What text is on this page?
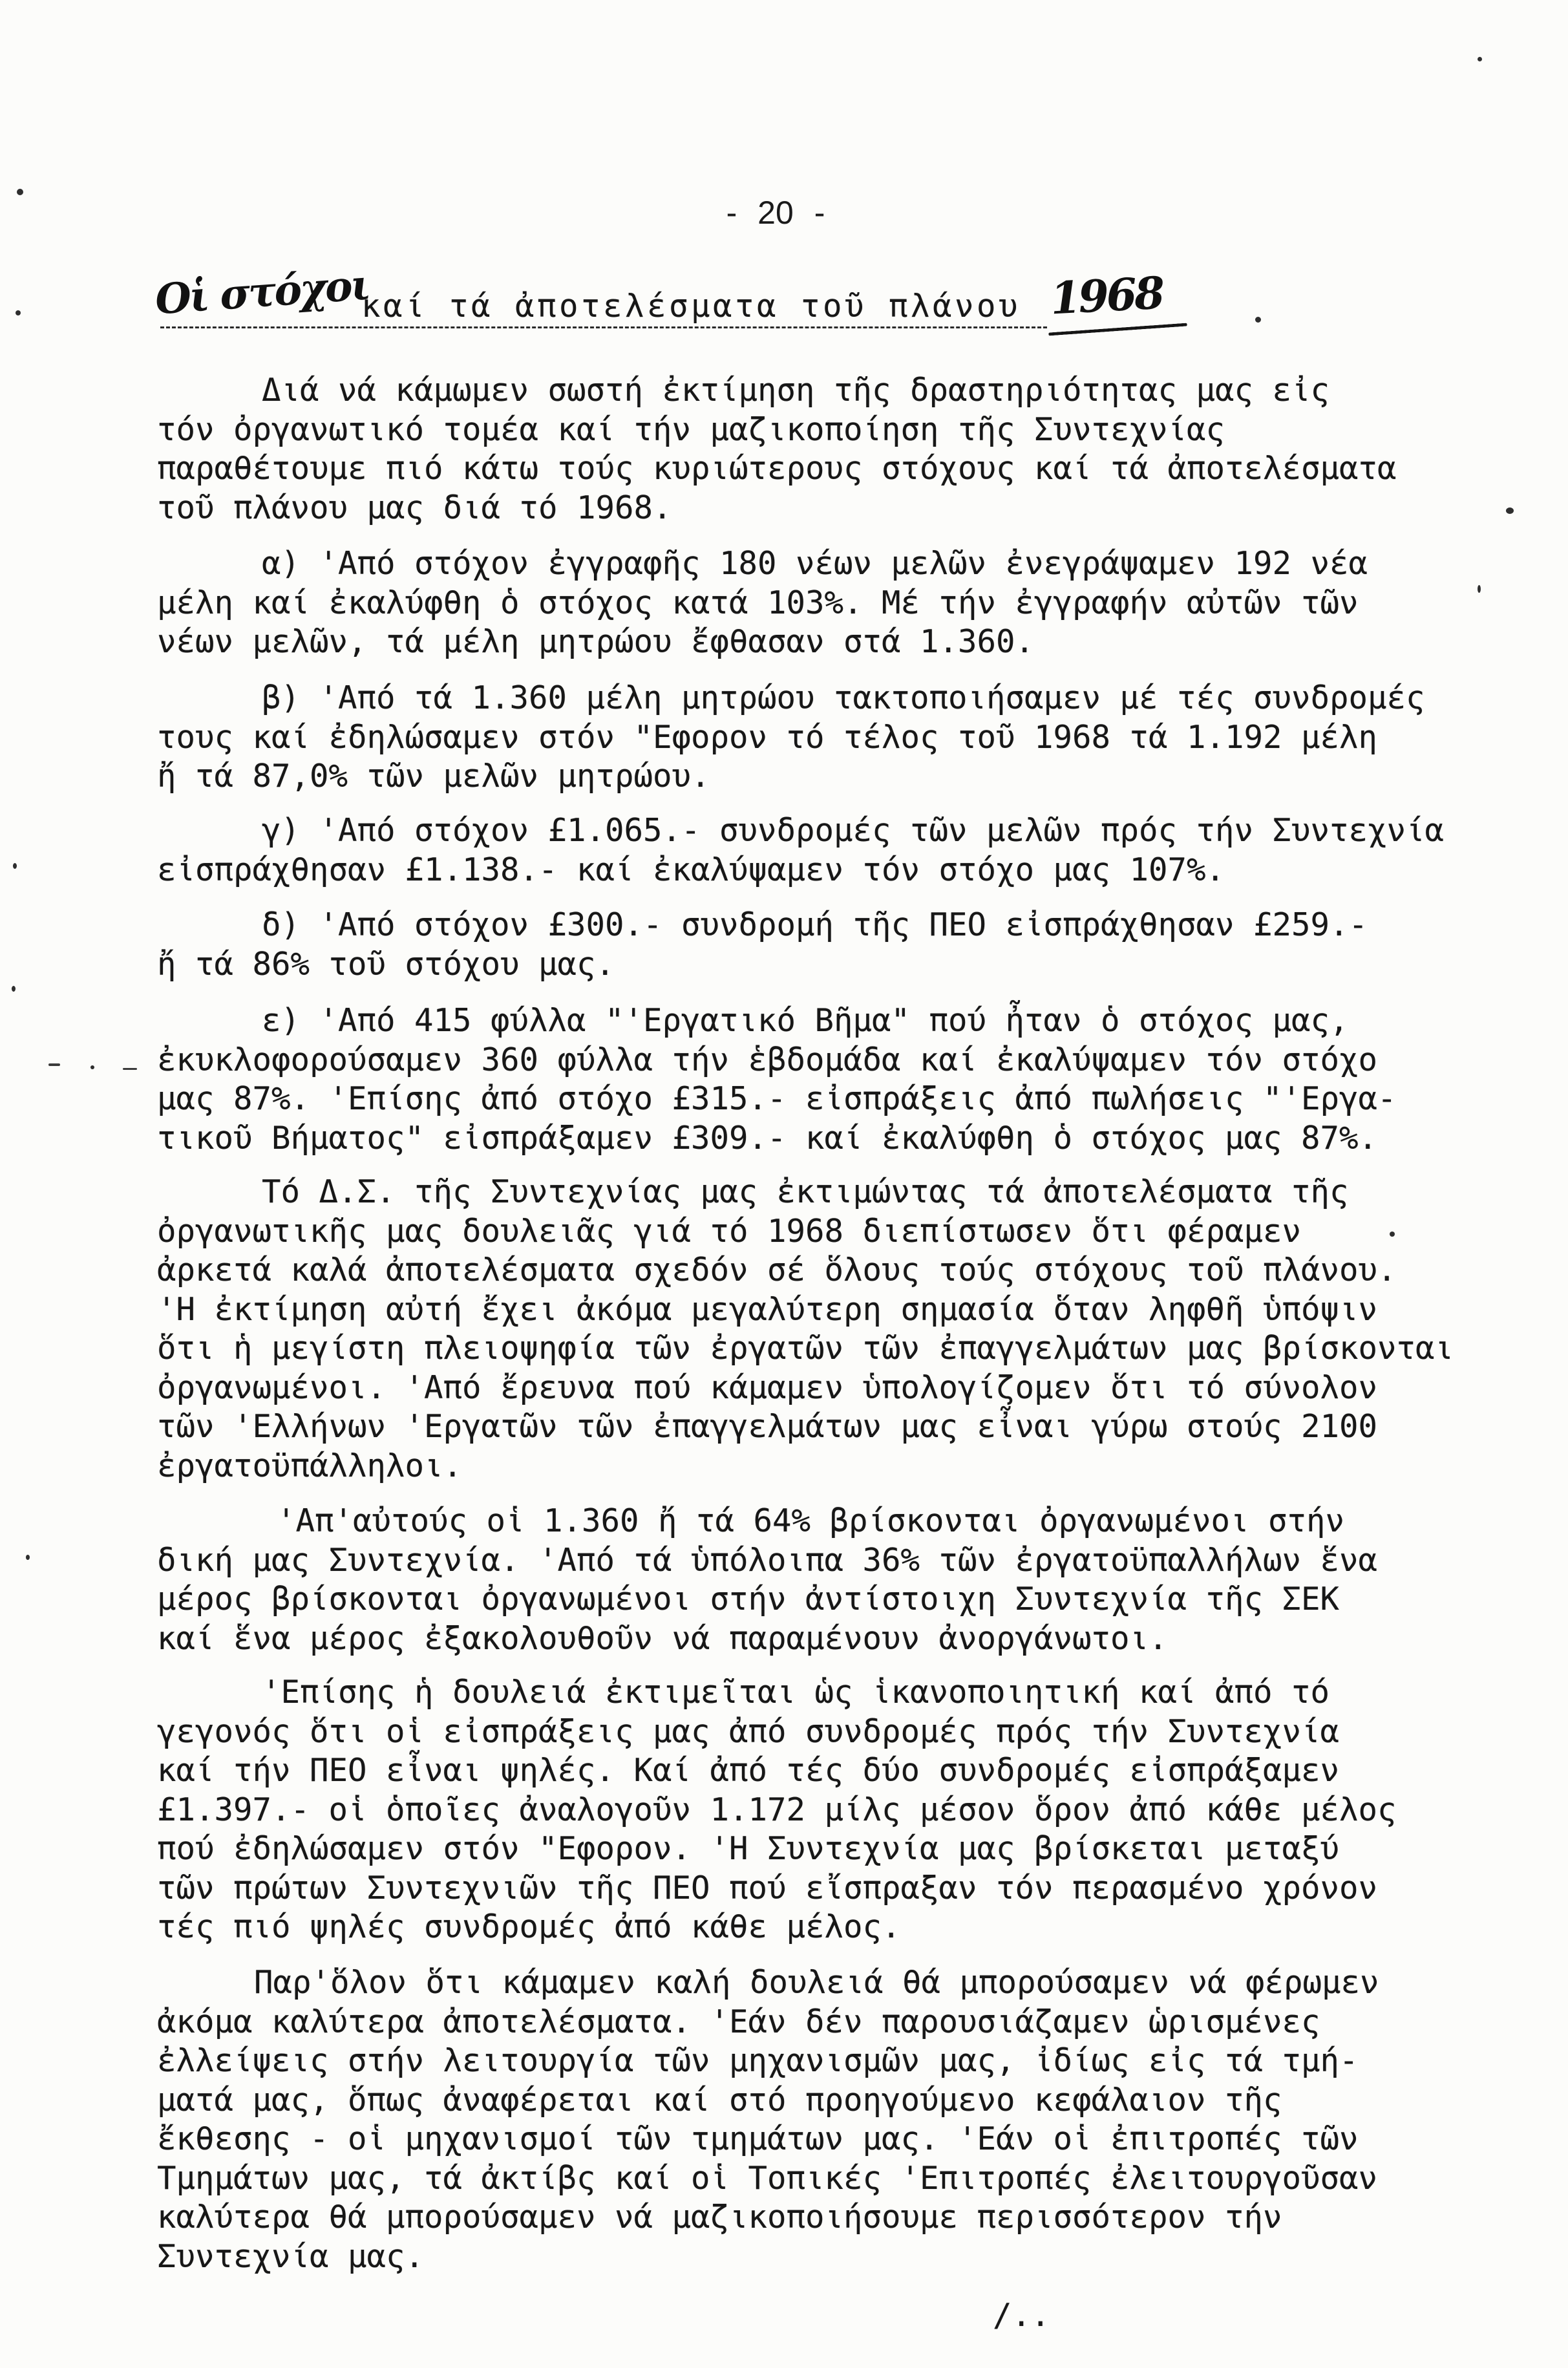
- 20 -
Οἱ στόχοι
καί τά ἀποτελέσματα τοῦ πλάνου 1968
Διά νά κάμωμεν σωστή ἐκτίμηση τῆς δραστηριότητας μας εἰς
τόν ὀργανωτικό τομέα καί τήν μαζικοποίηση τῆς Συντεχνίας
παραθέτουμε πιό κάτω τούς κυριώτερους στόχους καί τά ἀποτελέσματα
τοῦ πλάνου μας διά τό 1968.
α) 'Από στόχον ἐγγραφῆς 180 νέων μελῶν ἐνεγράψαμεν 192 νέα
μέλη καί ἐκαλύφθη ὁ στόχος κατά 103%. Μέ τήν ἐγγραφήν αὐτῶν τῶν
νέων μελῶν, τά μέλη μητρώου ἔφθασαν στά 1.360.
β) 'Από τά 1.360 μέλη μητρώου τακτοποιήσαμεν μέ τές συνδρομές
τους καί ἐδηλώσαμεν στόν "Εφορον τό τέλος τοῦ 1968 τά 1.192 μέλη
ἤ τά 87,0% τῶν μελῶν μητρώου.
γ) 'Από στόχον £1.065.- συνδρομές τῶν μελῶν πρός τήν Συντεχνία
εἰσπράχθησαν £1.138.- καί ἐκαλύψαμεν τόν στόχο μας 107%.
δ) 'Από στόχον £300.- συνδρομή τῆς ΠΕΟ εἰσπράχθησαν £259.-
ἤ τά 86% τοῦ στόχου μας.
ε) 'Από 415 φύλλα "'Εργατικό Βῆμα" πού ἦταν ὁ στόχος μας,
ἐκυκλοφορούσαμεν 360 φύλλα τήν ἑβδομάδα καί ἐκαλύψαμεν τόν στόχο
μας 87%. 'Επίσης ἀπό στόχο £315.- εἰσπράξεις ἀπό πωλήσεις "'Εργα-
τικοῦ Βήματος" εἰσπράξαμεν £309.- καί ἐκαλύφθη ὁ στόχος μας 87%.
Τό Δ.Σ. τῆς Συντεχνίας μας ἐκτιμώντας τά ἀποτελέσματα τῆς
ὀργανωτικῆς μας δουλειᾶς γιά τό 1968 διεπίστωσεν ὅτι φέραμεν
ἀρκετά καλά ἀποτελέσματα σχεδόν σέ ὅλους τούς στόχους τοῦ πλάνου.
'Η ἐκτίμηση αὐτή ἔχει ἀκόμα μεγαλύτερη σημασία ὅταν ληφθῆ ὑπόψιν
ὅτι ἡ μεγίστη πλειοψηφία τῶν ἐργατῶν τῶν ἐπαγγελμάτων μας βρίσκονται
ὀργανωμένοι. 'Από ἔρευνα πού κάμαμεν ὑπολογίζομεν ὅτι τό σύνολον
τῶν 'Ελλήνων 'Εργατῶν τῶν ἐπαγγελμάτων μας εἶναι γύρω στούς 2100
ἐργατοϋπάλληλοι.
'Απ'αὐτούς οἱ 1.360 ἤ τά 64% βρίσκονται ὀργανωμένοι στήν
δική μας Συντεχνία. 'Από τά ὑπόλοιπα 36% τῶν ἐργατοϋπαλλήλων ἕνα
μέρος βρίσκονται ὀργανωμένοι στήν ἀντίστοιχη Συντεχνία τῆς ΣΕΚ
καί ἕνα μέρος ἐξακολουθοῦν νά παραμένουν ἀνοργάνωτοι.
'Επίσης ἡ δουλειά ἐκτιμεῖται ὡς ἱκανοποιητική καί ἀπό τό
γεγονός ὅτι οἱ εἰσπράξεις μας ἀπό συνδρομές πρός τήν Συντεχνία
καί τήν ΠΕΟ εἶναι ψηλές. Καί ἀπό τές δύο συνδρομές εἰσπράξαμεν
£1.397.- οἱ ὁποῖες ἀναλογοῦν 1.172 μίλς μέσον ὅρον ἀπό κάθε μέλος
πού ἐδηλώσαμεν στόν "Εφορον. 'Η Συντεχνία μας βρίσκεται μεταξύ
τῶν πρώτων Συντεχνιῶν τῆς ΠΕΟ πού εἴσπραξαν τόν περασμένο χρόνον
τές πιό ψηλές συνδρομές ἀπό κάθε μέλος.
Παρ'ὅλον ὅτι κάμαμεν καλή δουλειά θά μπορούσαμεν νά φέρωμεν
ἀκόμα καλύτερα ἀποτελέσματα. 'Εάν δέν παρουσιάζαμεν ὡρισμένες
ἐλλείψεις στήν λειτουργία τῶν μηχανισμῶν μας, ἰδίως εἰς τά τμή-
ματά μας, ὅπως ἀναφέρεται καί στό προηγούμενο κεφάλαιον τῆς
ἔκθεσης - οἱ μηχανισμοί τῶν τμημάτων μας. 'Εάν οἱ ἐπιτροπές τῶν
Τμημάτων μας, τά ἀκτίβς καί οἱ Τοπικές 'Επιτροπές ἐλειτουργοῦσαν
καλύτερα θά μπορούσαμεν νά μαζικοποιήσουμε περισσότερον τήν
Συντεχνία μας.
/..
